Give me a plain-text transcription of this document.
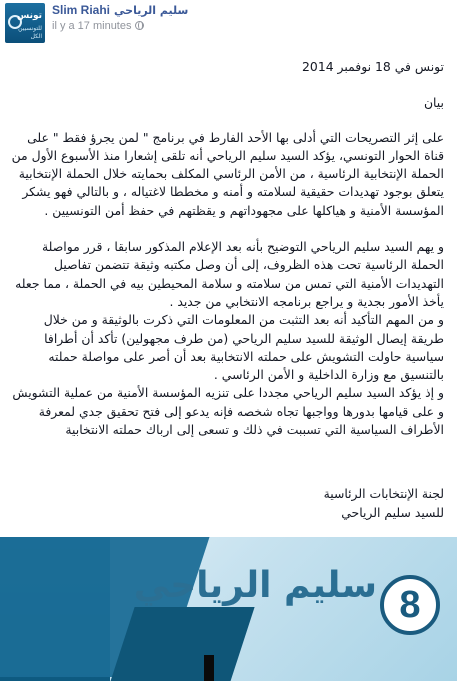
تونس
للتونسيين الكل
Slim Riahi سليم الرياحي
il y a 17 minutes

تونس في 18 نوفمبر 2014

بيان

على إثر التصريحات التي أدلى بها الأحد الفارط في برنامج " لمن يجرؤ فقط " على قناة الحوار التونسي، يؤكد السيد سليم الرياحي أنه تلقى إشعارا منذ الأسبوع الأول من الحملة الإنتخابية الرئاسية ، من الأمن الرئاسي المكلف بحمايته خلال الحملة الإنتخابية يتعلق بوجود تهديدات حقيقية لسلامته و أمنه و مخططا لاغتياله ، و بالتالي فهو يشكر المؤسسة الأمنية و هياكلها على مجهوداتهم و يقظتهم في حفظ أمن التونسيين .

و يهم السيد سليم الرياحي التوضيح بأنه بعد الإعلام المذكور سابقا ، قرر مواصلة الحملة الرئاسية تحت هذه الظروف، إلى أن وصل مكتبه وثيقة تتضمن تفاصيل التهديدات الأمنية التي تمس من سلامته و سلامة المحيطين بيه في الحملة ، مما جعله يأخذ الأمور بجدية و يراجع برنامجه الانتخابي من جديد .

و من المهم التأكيد أنه بعد التثبت من المعلومات التي ذكرت بالوثيقة و من خلال طريقة إيصال الوثيقة للسيد سليم الرياحي (من طرف مجهولين) تأكد أن أطرافا سياسية حاولت التشويش على حملته الانتخابية بعد أن أصر على مواصلة حملته بالتنسيق مع وزارة الداخلية و الأمن الرئاسي .

و إذ يؤكد السيد سليم الرياحي مجددا على تنزيه المؤسسة الأمنية من عملية التشويش و على قيامها بدورها وواجبها تجاه شخصه فإنه يدعو إلى فتح تحقيق جدي لمعرفة الأطراف السياسية التي تسببت في ذلك و تسعى إلى ارباك حملته الانتخابية

لجنة الإنتخابات الرئاسية

للسيد سليم الرياحي

سليم الرياحي 8
